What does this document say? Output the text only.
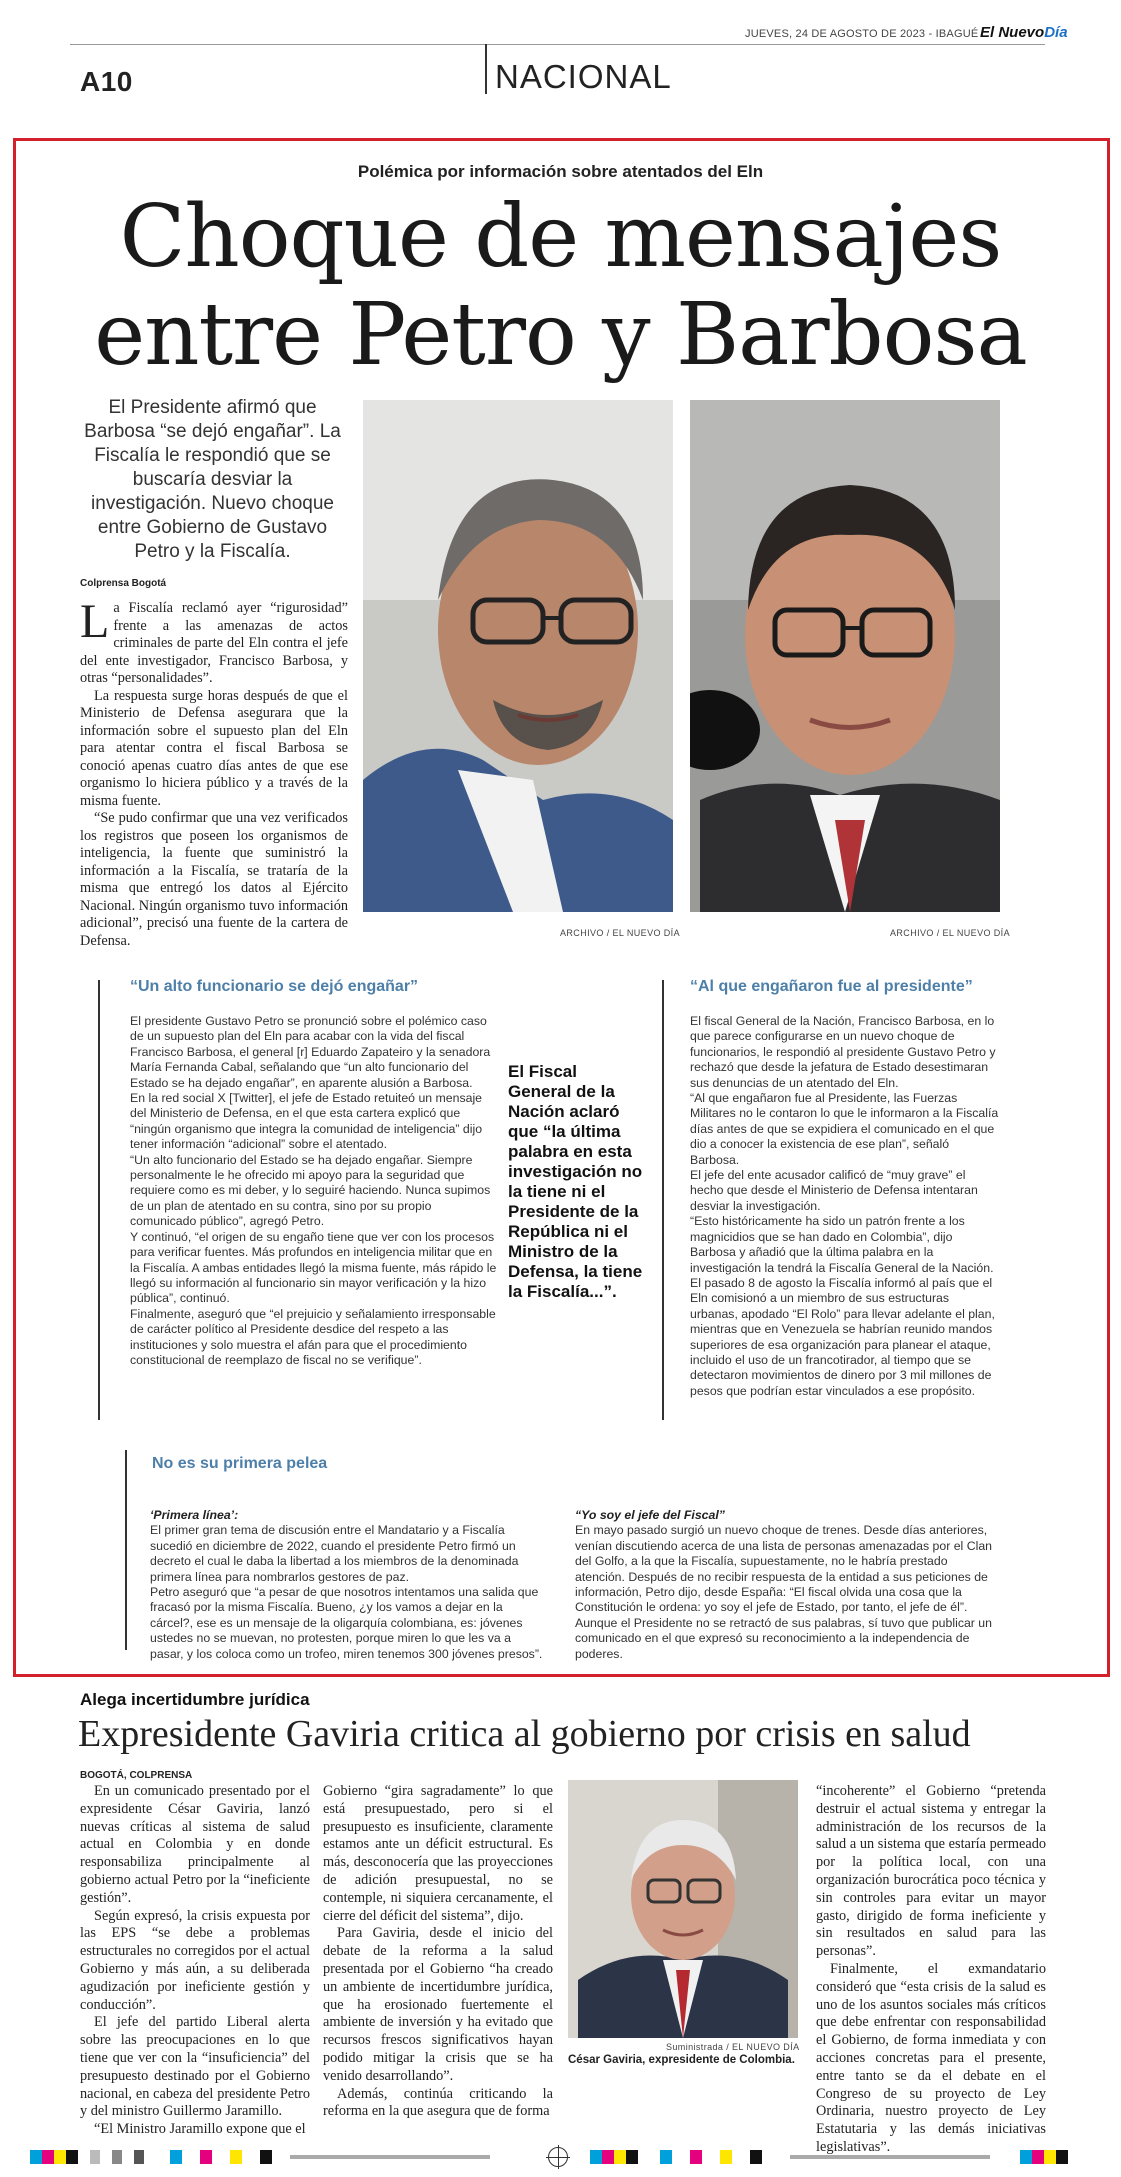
JUEVES, 24 DE AGOSTO DE 2023 - IBAGUÉ El NuevoDía
A10	NACIONAL
Polémica por información sobre atentados del Eln
Choque de mensajes
entre Petro y Barbosa
El Presidente afirmó que Barbosa “se dejó engañar”. La Fiscalía le respondió que se buscaría desviar la investigación. Nuevo choque entre Gobierno de Gustavo Petro y la Fiscalía.
Colprensa Bogotá

La Fiscalía reclamó ayer “rigurosidad” frente a las amenazas de actos criminales de parte del Eln contra el jefe del ente investigador, Francisco Barbosa, y otras “personalidades”.

La respuesta surge horas después de que el Ministerio de Defensa asegurara que la información sobre el supuesto plan del Eln para atentar contra el fiscal Barbosa se conoció apenas cuatro días antes de que ese organismo lo hiciera público y a través de la misma fuente.

“Se pudo confirmar que una vez verificados los registros que poseen los organismos de inteligencia, la fuente que suministró la información a la Fiscalía, se trataría de la misma que entregó los datos al Ejército Nacional. Ningún organismo tuvo información adicional”, precisó una fuente de la cartera de Defensa.	ARCHIVO / EL NUEVO DÍA	ARCHIVO / EL NUEVO DÍA
“Un alto funcionario se dejó engañar”

El presidente Gustavo Petro se pronunció sobre el polémico caso de un supuesto plan del Eln para acabar con la vida del fiscal Francisco Barbosa, el general [r] Eduardo Zapateiro y la senadora María Fernanda Cabal, señalando que “un alto funcionario del Estado se ha dejado engañar”, en aparente alusión a Barbosa.

En la red social X [Twitter], el jefe de Estado retuiteó un mensaje del Ministerio de Defensa, en el que esta cartera explicó que “ningún organismo que integra la comunidad de inteligencia” dijo tener información “adicional” sobre el atentado.

“Un alto funcionario del Estado se ha dejado engañar. Siempre personalmente le he ofrecido mi apoyo para la seguridad que requiere como es mi deber, y lo seguiré haciendo. Nunca supimos de un plan de atentado en su contra, sino por su propio comunicado público”, agregó Petro.

Y continuó, “el origen de su engaño tiene que ver con los procesos para verificar fuentes. Más profundos en inteligencia militar que en la Fiscalía. A ambas entidades llegó la misma fuente, más rápido le llegó su información al funcionario sin mayor verificación y la hizo pública”, continuó.

Finalmente, aseguró que “el prejuicio y señalamiento irresponsable de carácter político al Presidente desdice del respeto a las instituciones y solo muestra el afán para que el procedimiento constitucional de reemplazo de fiscal no se verifique”.

El Fiscal General de la Nación aclaró que “la última palabra en esta investigación no la tiene ni el Presidente de la República ni el Ministro de la Defensa, la tiene la Fiscalía...”.
“Al que engañaron fue al presidente”

El fiscal General de la Nación, Francisco Barbosa, en lo que parece configurarse en un nuevo choque de funcionarios, le respondió al presidente Gustavo Petro y rechazó que desde la jefatura de Estado desestimaran sus denuncias de un atentado del Eln.

“Al que engañaron fue al Presidente, las Fuerzas Militares no le contaron lo que le informaron a la Fiscalía días antes de que se expidiera el comunicado en el que dio a conocer la existencia de ese plan”, señaló Barbosa.

El jefe del ente acusador calificó de “muy grave” el hecho que desde el Ministerio de Defensa intentaran desviar la investigación.

“Esto históricamente ha sido un patrón frente a los magnicidios que se han dado en Colombia”, dijo Barbosa y añadió que la última palabra en la investigación la tendrá la Fiscalía General de la Nación.

El pasado 8 de agosto la Fiscalía informó al país que el Eln comisionó a un miembro de sus estructuras urbanas, apodado “El Rolo” para llevar adelante el plan, mientras que en Venezuela se habrían reunido mandos superiores de esa organización para planear el ataque, incluido el uso de un francotirador, al tiempo que se detectaron movimientos de dinero por 3 mil millones de pesos que podrían estar vinculados a ese propósito.

No es su primera pelea

‘Primera línea’:

El primer gran tema de discusión entre el Mandatario y a Fiscalía sucedió en diciembre de 2022, cuando el presidente Petro firmó un decreto el cual le daba la libertad a los miembros de la denominada primera línea para nombrarlos gestores de paz.

Petro aseguró que “a pesar de que nosotros intentamos una salida que fracasó por la misma Fiscalía. Bueno, ¿y los vamos a dejar en la cárcel?, ese es un mensaje de la oligarquía colombiana, es: jóvenes ustedes no se muevan, no protesten, porque miren lo que les va a pasar, y los coloca como un trofeo, miren tenemos 300 jóvenes presos”.

“Yo soy el jefe del Fiscal”

En mayo pasado surgió un nuevo choque de trenes. Desde días anteriores, venían discutiendo acerca de una lista de personas amenazadas por el Clan del Golfo, a la que la Fiscalía, supuestamente, no le habría prestado atención. Después de no recibir respuesta de la entidad a sus peticiones de información, Petro dijo, desde España: “El fiscal olvida una cosa que la Constitución le ordena: yo soy el jefe de Estado, por tanto, el jefe de él”.

Aunque el Presidente no se retractó de sus palabras, sí tuvo que publicar un comunicado en el que expresó su reconocimiento a la independencia de poderes.

Alega incertidumbre jurídica
Expresidente Gaviria critica al gobierno por crisis en salud
BOGOTÁ, COLPRENSA

En un comunicado presentado por el expresidente César Gaviria, lanzó nuevas críticas al sistema de salud actual en Colombia y en donde responsabiliza principalmente al gobierno actual Petro por la “ineficiente gestión”.

Según expresó, la crisis expuesta por las EPS “se debe a problemas estructurales no corregidos por el actual Gobierno y más aún, a su deliberada agudización por ineficiente gestión y conducción”.

El jefe del partido Liberal alerta sobre las preocupaciones en lo que tiene que ver con la “insuficiencia” del presupuesto destinado por el Gobierno nacional, en cabeza del presidente Petro y del ministro Guillermo Jaramillo.

“El Ministro Jaramillo expone que el

Gobierno “gira sagradamente” lo que está presupuestado, pero si el presupuesto es insuficiente, claramente estamos ante un déficit estructural. Es más, desconocería que las proyecciones de adición presupuestal, no se contemple, ni siquiera cercanamente, el cierre del déficit del sistema”, dijo.

Para Gaviria, desde el inicio del debate de la reforma a la salud presentada por el Gobierno “ha creado un ambiente de incertidumbre jurídica, que ha erosionado fuertemente el ambiente de inversión y ha evitado que recursos frescos significativos hayan podido mitigar la crisis que se ha venido desarrollando”.

Además, continúa criticando la reforma en la que asegura que de forma

Suministrada / EL NUEVO DÍA
César Gaviria, expresidente de Colombia.

“incoherente” el Gobierno “pretenda destruir el actual sistema y entregar la administración de los recursos de la salud a un sistema que estaría permeado por la política local, con una organización burocrática poco técnica y sin controles para evitar un mayor gasto, dirigido de forma ineficiente y sin resultados en salud para las personas”.

Finalmente, el exmandatario consideró que “esta crisis de la salud es uno de los asuntos sociales más críticos que debe enfrentar con responsabilidad el Gobierno, de forma inmediata y con acciones concretas para el presente, entre tanto se da el debate en el Congreso de su proyecto de Ley Ordinaria, nuestro proyecto de Ley Estatutaria y las demás iniciativas legislativas”.
